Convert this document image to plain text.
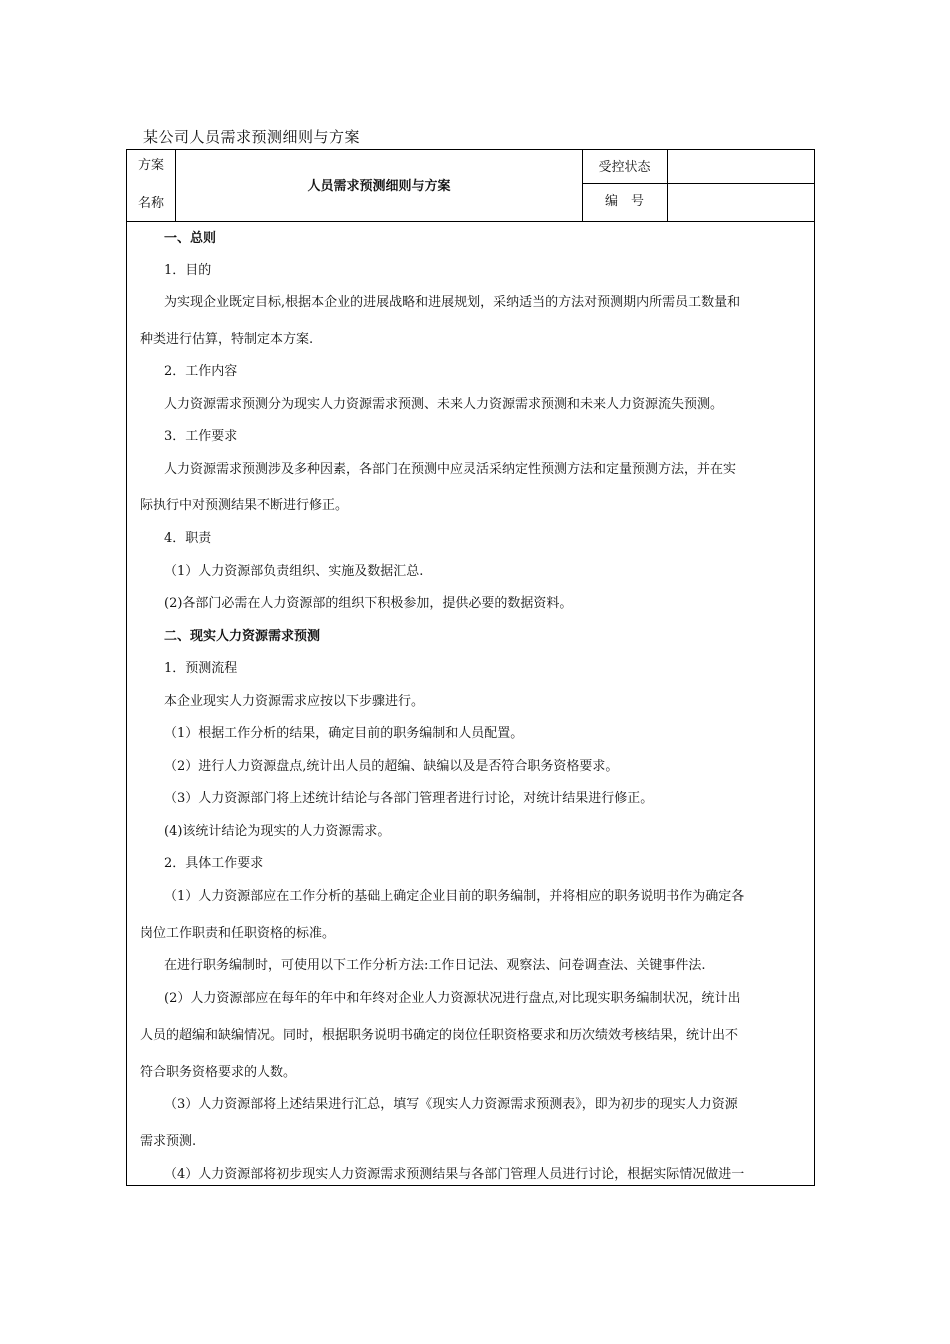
某公司人员需求预测细则与方案
方案
名称
人员需求预测细则与方案
受控状态
编　号
一、总则
1．目的
为实现企业既定目标,根据本企业的进展战略和进展规划，采纳适当的方法对预测期内所需员工数量和
种类进行估算，特制定本方案.
2．工作内容
人力资源需求预测分为现实人力资源需求预测、未来人力资源需求预测和未来人力资源流失预测。
3．工作要求
人力资源需求预测涉及多种因素，各部门在预测中应灵活采纳定性预测方法和定量预测方法，并在实
际执行中对预测结果不断进行修正。
4．职责
（1）人力资源部负责组织、实施及数据汇总.
(2)各部门必需在人力资源部的组织下积极参加，提供必要的数据资料。
二、现实人力资源需求预测
1．预测流程
本企业现实人力资源需求应按以下步骤进行。
（1）根据工作分析的结果，确定目前的职务编制和人员配置。
（2）进行人力资源盘点,统计出人员的超编、缺编以及是否符合职务资格要求。
（3）人力资源部门将上述统计结论与各部门管理者进行讨论，对统计结果进行修正。
(4)该统计结论为现实的人力资源需求。
2．具体工作要求
（1）人力资源部应在工作分析的基础上确定企业目前的职务编制，并将相应的职务说明书作为确定各
岗位工作职责和任职资格的标准。
在进行职务编制时，可使用以下工作分析方法:工作日记法、观察法、问卷调查法、关键事件法.
(2）人力资源部应在每年的年中和年终对企业人力资源状况进行盘点,对比现实职务编制状况，统计出
人员的超编和缺编情况。同时，根据职务说明书确定的岗位任职资格要求和历次绩效考核结果，统计出不
符合职务资格要求的人数。
（3）人力资源部将上述结果进行汇总，填写《现实人力资源需求预测表》，即为初步的现实人力资源
需求预测.
（4）人力资源部将初步现实人力资源需求预测结果与各部门管理人员进行讨论，根据实际情况做进一
